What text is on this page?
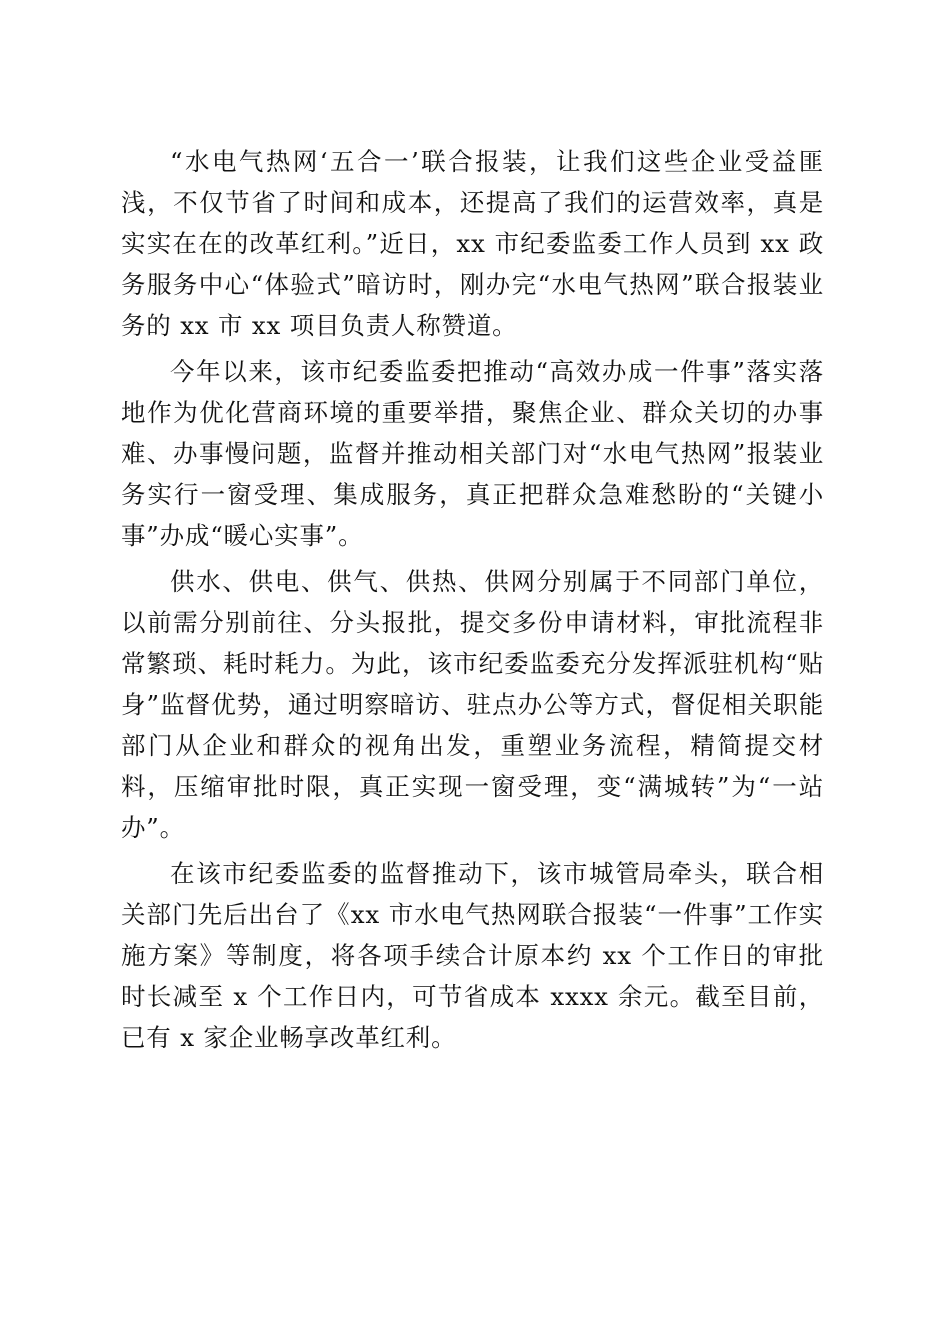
“水电气热网‘五合一’联合报装，让我们这些企业受益匪浅，不仅节省了时间和成本，还提高了我们的运营效率，真是实实在在的改革红利。”近日，xx 市纪委监委工作人员到 xx 政务服务中心“体验式”暗访时，刚办完“水电气热网”联合报装业务的 xx 市 xx 项目负责人称赞道。

今年以来，该市纪委监委把推动“高效办成一件事”落实落地作为优化营商环境的重要举措，聚焦企业、群众关切的办事难、办事慢问题，监督并推动相关部门对“水电气热网”报装业务实行一窗受理、集成服务，真正把群众急难愁盼的“关键小事”办成“暖心实事”。

供水、供电、供气、供热、供网分别属于不同部门单位，以前需分别前往、分头报批，提交多份申请材料，审批流程非常繁琐、耗时耗力。为此，该市纪委监委充分发挥派驻机构“贴身”监督优势，通过明察暗访、驻点办公等方式，督促相关职能部门从企业和群众的视角出发，重塑业务流程，精简提交材料，压缩审批时限，真正实现一窗受理，变“满城转”为“一站办”。

在该市纪委监委的监督推动下，该市城管局牵头，联合相关部门先后出台了《xx 市水电气热网联合报装“一件事”工作实施方案》等制度，将各项手续合计原本约 xx 个工作日的审批时长减至 x 个工作日内，可节省成本 xxxx 余元。截至目前，已有 x 家企业畅享改革红利。
